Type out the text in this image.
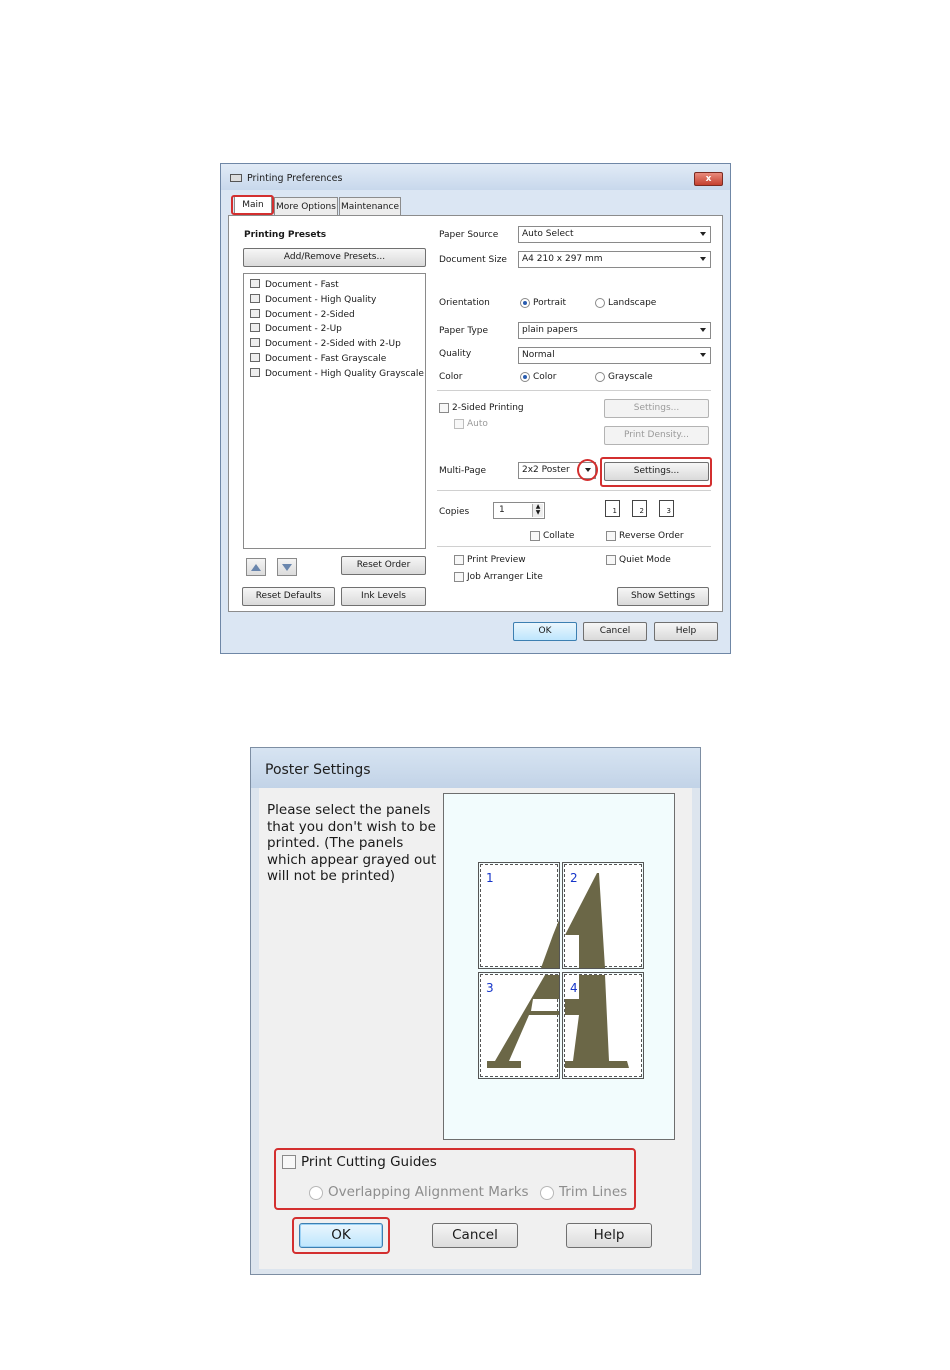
Printing Preferences	x
Main	More Options Maintenance
Printing Presets
Add/Remove Presets...
Document - Fast
Document - High Quality
Document - 2-Sided
Document - 2-Up
Document - 2-Sided with 2-Up
Document - Fast Grayscale
Document - High Quality Grayscale
Reset Order
Reset Defaults	Ink Levels
Paper Source	Auto Select
Document Size	A4 210 x 297 mm
Orientation	Portrait	Landscape
Paper Type	plain papers
Quality	Normal
Color	Color	Grayscale
2-Sided Printing
Auto
Settings...
Print Density...
Multi-Page	2x2 Poster	Settings...
Copies	1	▲
▼	1	2	3
Collate	Reverse Order
Print Preview	Quiet Mode
Job Arranger Lite
Show Settings
OK	Cancel	Help
Poster Settings
Please select the panels that you don't wish to be printed. (The panels which appear grayed out will not be printed)	1	2
3	4
Print Cutting Guides
Overlapping Alignment Marks Trim Lines
OK	Cancel	Help
